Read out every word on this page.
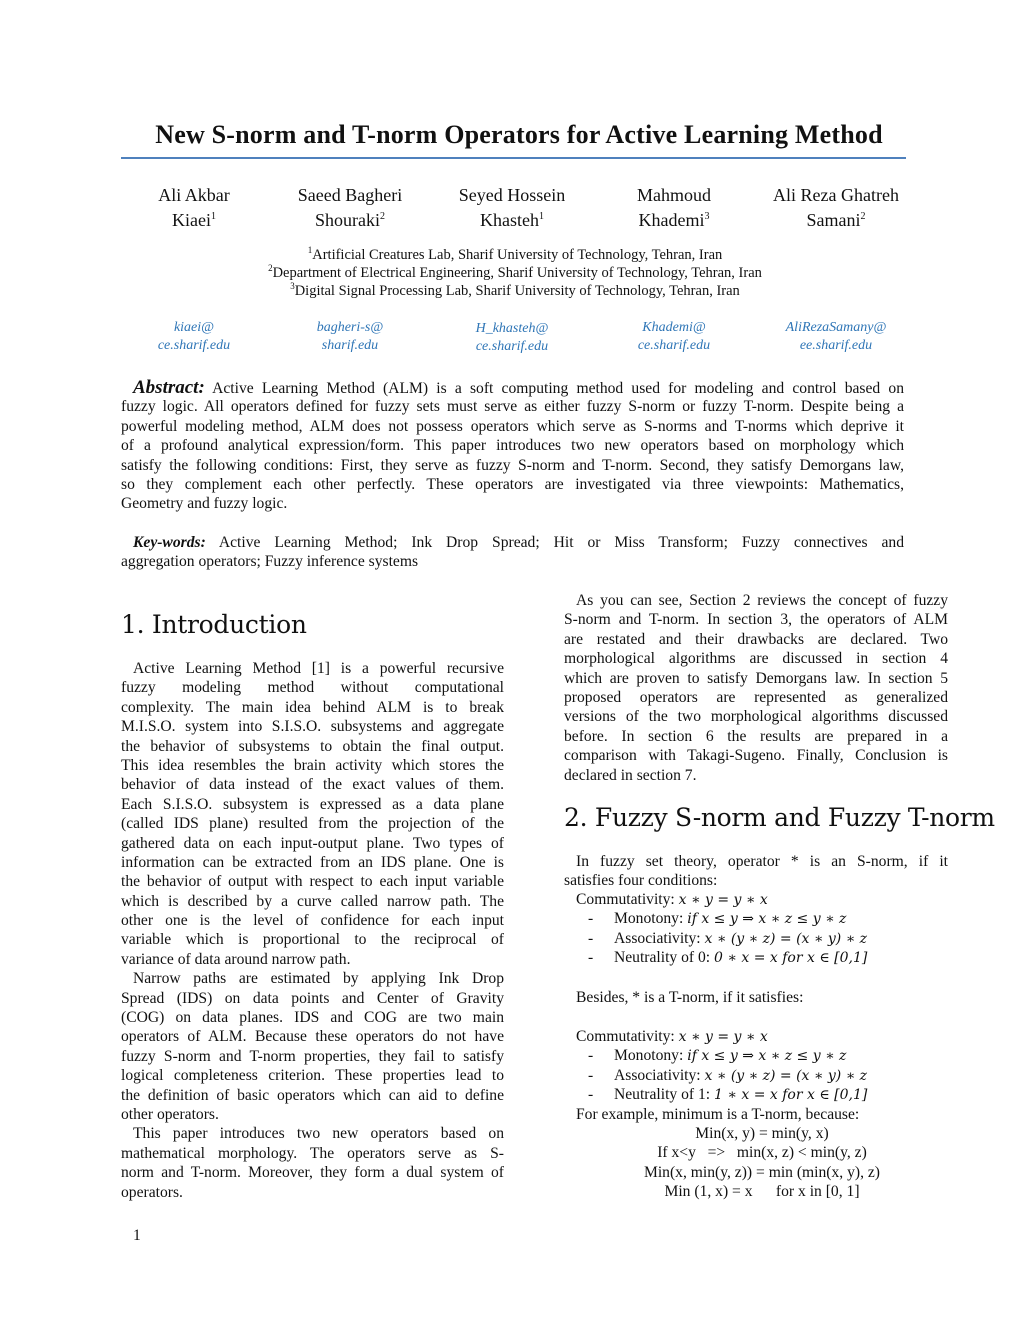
New S-norm and T-norm Operators for Active Learning Method
Ali Akbar
Kiaei$^1$
Saeed Bagheri
Shouraki$^2$
Seyed Hossein
Khasteh$^1$
Mahmoud
Khademi$^3$
Ali Reza Ghatreh
Samani$^2$
$^1$Artificial Creatures Lab, Sharif University of Technology, Tehran, Iran
$^2$Department of Electrical Engineering, Sharif University of Technology, Tehran, Iran
$^3$Digital Signal Processing Lab, Sharif University of Technology, Tehran, Iran
kiaei@
ce.sharif.edu
bagheri-s@
sharif.edu
H_khasteh@
ce.sharif.edu
Khademi@
ce.sharif.edu
AliRezaSamany@
ee.sharif.edu
Abstract: Active Learning Method (ALM) is a soft computing method used for modeling and control based on
fuzzy logic. All operators defined for fuzzy sets must serve as either fuzzy S-norm or fuzzy T-norm. Despite being a
powerful modeling method, ALM does not possess operators which serve as S-norms and T-norms which deprive it
of a profound analytical expression/form. This paper introduces two new operators based on morphology which
satisfy the following conditions: First, they serve as fuzzy S-norm and T-norm. Second, they satisfy Demorgans law,
so they complement each other perfectly. These operators are investigated via three viewpoints: Mathematics,
Geometry and fuzzy logic.
Key-words: Active Learning Method; Ink Drop Spread; Hit or Miss Transform; Fuzzy connectives and
aggregation operators; Fuzzy inference systems
1. Introduction
Active Learning Method [1] is a powerful recursive
fuzzy modeling method without computational
complexity. The main idea behind ALM is to break
M.I.S.O. system into S.I.S.O. subsystems and aggregate
the behavior of subsystems to obtain the final output.
This idea resembles the brain activity which stores the
behavior of data instead of the exact values of them.
Each S.I.S.O. subsystem is expressed as a data plane
(called IDS plane) resulted from the projection of the
gathered data on each input-output plane. Two types of
information can be extracted from an IDS plane. One is
the behavior of output with respect to each input variable
which is described by a curve called narrow path. The
other one is the level of confidence for each input
variable which is proportional to the reciprocal of
variance of data around narrow path.
Narrow paths are estimated by applying Ink Drop
Spread (IDS) on data points and Center of Gravity
(COG) on data planes. IDS and COG are two main
operators of ALM. Because these operators do not have
fuzzy S-norm and T-norm properties, they fail to satisfy
logical completeness criterion. These properties lead to
the definition of basic operators which can aid to define
other operators.
This paper introduces two new operators based on
mathematical morphology. The operators serve as S-
norm and T-norm. Moreover, they form a dual system of
operators.
As you can see, Section 2 reviews the concept of fuzzy
S-norm and T-norm. In section 3, the operators of ALM
are restated and their drawbacks are declared. Two
morphological algorithms are discussed in section 4
which are proven to satisfy Demorgans law. In section 5
proposed operators are represented as generalized
versions of the two morphological algorithms discussed
before. In section 6 the results are prepared in a
comparison with Takagi-Sugeno. Finally, Conclusion is
declared in section 7.
2. Fuzzy S-norm and Fuzzy T-norm
In fuzzy set theory, operator * is an S-norm, if it
satisfies four conditions:
Commutativity: x ∗ y = y ∗ x
- Monotony: if x ≤ y ⇒ x ∗ z ≤ y ∗ z
- Associativity: x ∗ (y ∗ z) = (x ∗ y) ∗ z
- Neutrality of 0: 0 ∗ x = x for x ∈ [0,1]
Besides, * is a T-norm, if it satisfies:
Commutativity: x ∗ y = y ∗ x
- Monotony: if x ≤ y ⇒ x ∗ z ≤ y ∗ z
- Associativity: x ∗ (y ∗ z) = (x ∗ y) ∗ z
- Neutrality of 1: 1 ∗ x = x for x ∈ [0,1]
For example, minimum is a T-norm, because:
Min(x, y) = min(y, x)
If x<y   =>   min(x, z) < min(y, z)
Min(x, min(y, z)) = min (min(x, y), z)
Min (1, x) = x      for x in [0, 1]
1
